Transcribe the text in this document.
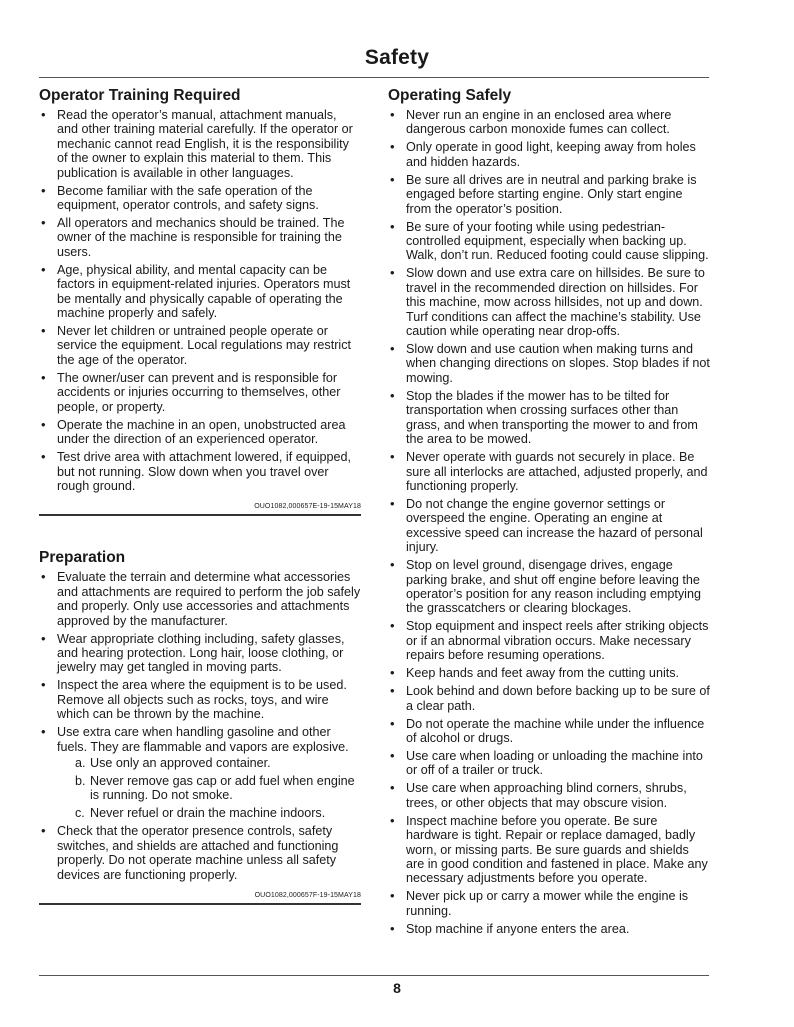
Safety
Operator Training Required
• Read the operator’s manual, attachment manuals, and other training material carefully. If the operator or mechanic cannot read English, it is the responsibility of the owner to explain this material to them. This publication is available in other languages.
• Become familiar with the safe operation of the equipment, operator controls, and safety signs.
• All operators and mechanics should be trained. The owner of the machine is responsible for training the users.
• Age, physical ability, and mental capacity can be factors in equipment-related injuries. Operators must be mentally and physically capable of operating the machine properly and safely.
• Never let children or untrained people operate or service the equipment. Local regulations may restrict the age of the operator.
• The owner/user can prevent and is responsible for accidents or injuries occurring to themselves, other people, or property.
• Operate the machine in an open, unobstructed area under the direction of an experienced operator.
• Test drive area with attachment lowered, if equipped, but not running. Slow down when you travel over rough ground.
OUO1082,000657E-19-15MAY18
Preparation
• Evaluate the terrain and determine what accessories and attachments are required to perform the job safely and properly. Only use accessories and attachments approved by the manufacturer.
• Wear appropriate clothing including, safety glasses, and hearing protection. Long hair, loose clothing, or jewelry may get tangled in moving parts.
• Inspect the area where the equipment is to be used. Remove all objects such as rocks, toys, and wire which can be thrown by the machine.
• Use extra care when handling gasoline and other fuels. They are flammable and vapors are explosive.
a. Use only an approved container.
b. Never remove gas cap or add fuel when engine is running. Do not smoke.
c. Never refuel or drain the machine indoors.
• Check that the operator presence controls, safety switches, and shields are attached and functioning properly. Do not operate machine unless all safety devices are functioning properly.
OUO1082,000657F-19-15MAY18
Operating Safely
• Never run an engine in an enclosed area where dangerous carbon monoxide fumes can collect.
• Only operate in good light, keeping away from holes and hidden hazards.
• Be sure all drives are in neutral and parking brake is engaged before starting engine. Only start engine from the operator’s position.
• Be sure of your footing while using pedestrian-controlled equipment, especially when backing up. Walk, don’t run. Reduced footing could cause slipping.
• Slow down and use extra care on hillsides. Be sure to travel in the recommended direction on hillsides. For this machine, mow across hillsides, not up and down. Turf conditions can affect the machine’s stability. Use caution while operating near drop-offs.
• Slow down and use caution when making turns and when changing directions on slopes. Stop blades if not mowing.
• Stop the blades if the mower has to be tilted for transportation when crossing surfaces other than grass, and when transporting the mower to and from the area to be mowed.
• Never operate with guards not securely in place. Be sure all interlocks are attached, adjusted properly, and functioning properly.
• Do not change the engine governor settings or overspeed the engine. Operating an engine at excessive speed can increase the hazard of personal injury.
• Stop on level ground, disengage drives, engage parking brake, and shut off engine before leaving the operator’s position for any reason including emptying the grasscatchers or clearing blockages.
• Stop equipment and inspect reels after striking objects or if an abnormal vibration occurs. Make necessary repairs before resuming operations.
• Keep hands and feet away from the cutting units.
• Look behind and down before backing up to be sure of a clear path.
• Do not operate the machine while under the influence of alcohol or drugs.
• Use care when loading or unloading the machine into or off of a trailer or truck.
• Use care when approaching blind corners, shrubs, trees, or other objects that may obscure vision.
• Inspect machine before you operate. Be sure hardware is tight. Repair or replace damaged, badly worn, or missing parts. Be sure guards and shields are in good condition and fastened in place. Make any necessary adjustments before you operate.
• Never pick up or carry a mower while the engine is running.
• Stop machine if anyone enters the area.
8
